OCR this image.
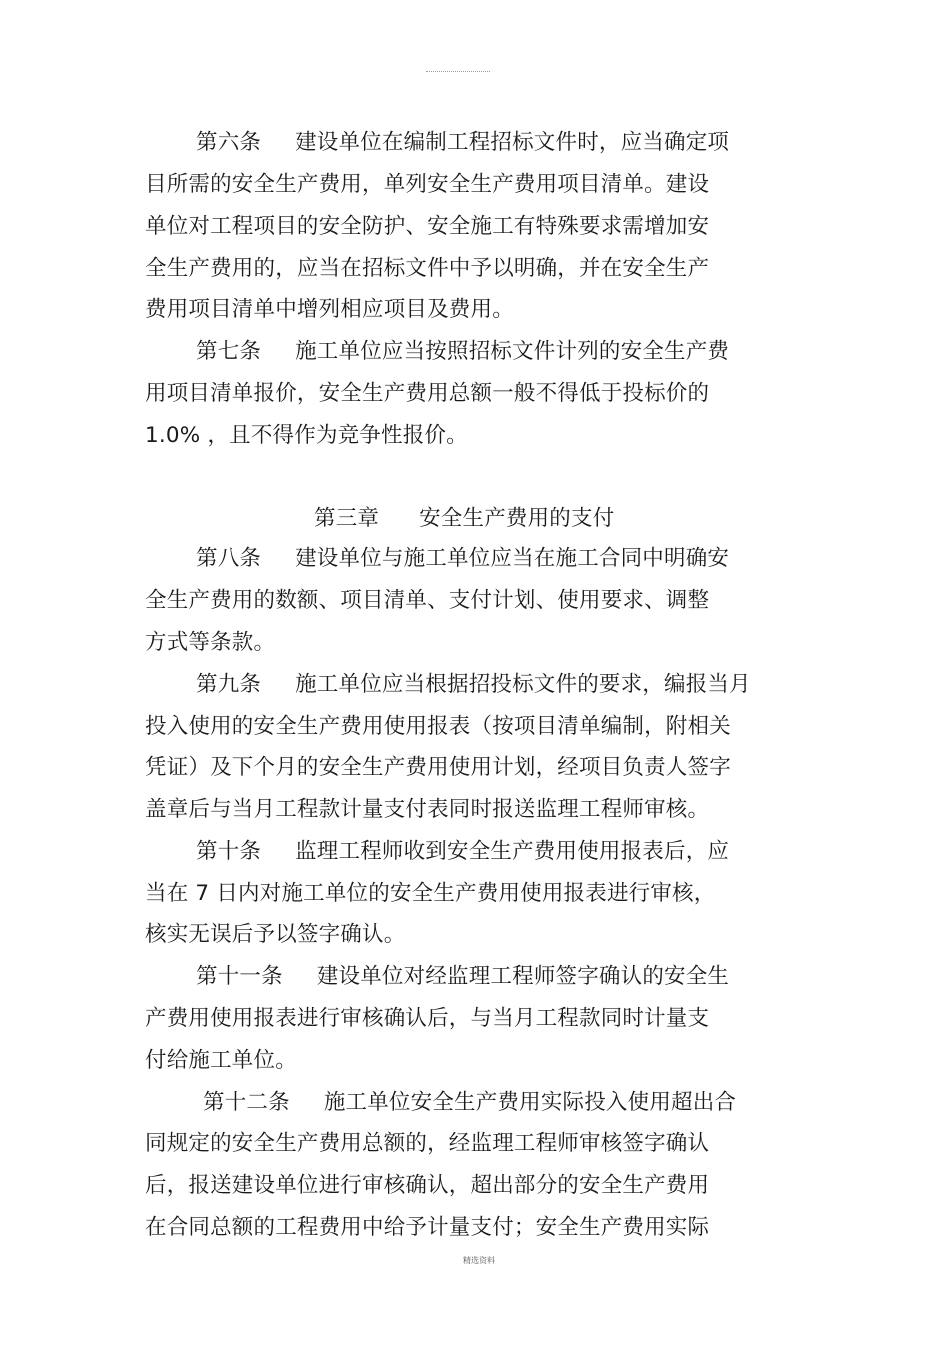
第六条 建设单位在编制工程招标文件时，应当确定项
目所需的安全生产费用，单列安全生产费用项目清单。建设
单位对工程项目的安全防护、安全施工有特殊要求需增加安
全生产费用的，应当在招标文件中予以明确，并在安全生产
费用项目清单中增列相应项目及费用。
第七条 施工单位应当按照招标文件计列的安全生产费
用项目清单报价，安全生产费用总额一般不得低于投标价的
1.0% ，且不得作为竞争性报价。
第三章 安全生产费用的支付
第八条 建设单位与施工单位应当在施工合同中明确安
全生产费用的数额、项目清单、支付计划、使用要求、调整
方式等条款。
第九条 施工单位应当根据招投标文件的要求，编报当月
投入使用的安全生产费用使用报表（按项目清单编制，附相关
凭证）及下个月的安全生产费用使用计划，经项目负责人签字
盖章后与当月工程款计量支付表同时报送监理工程师审核。
第十条 监理工程师收到安全生产费用使用报表后，应
当在 7 日内对施工单位的安全生产费用使用报表进行审核，
核实无误后予以签字确认。
第十一条 建设单位对经监理工程师签字确认的安全生
产费用使用报表进行审核确认后，与当月工程款同时计量支
付给施工单位。
第十二条 施工单位安全生产费用实际投入使用超出合
同规定的安全生产费用总额的，经监理工程师审核签字确认
后，报送建设单位进行审核确认，超出部分的安全生产费用
在合同总额的工程费用中给予计量支付；安全生产费用实际
精选资料
